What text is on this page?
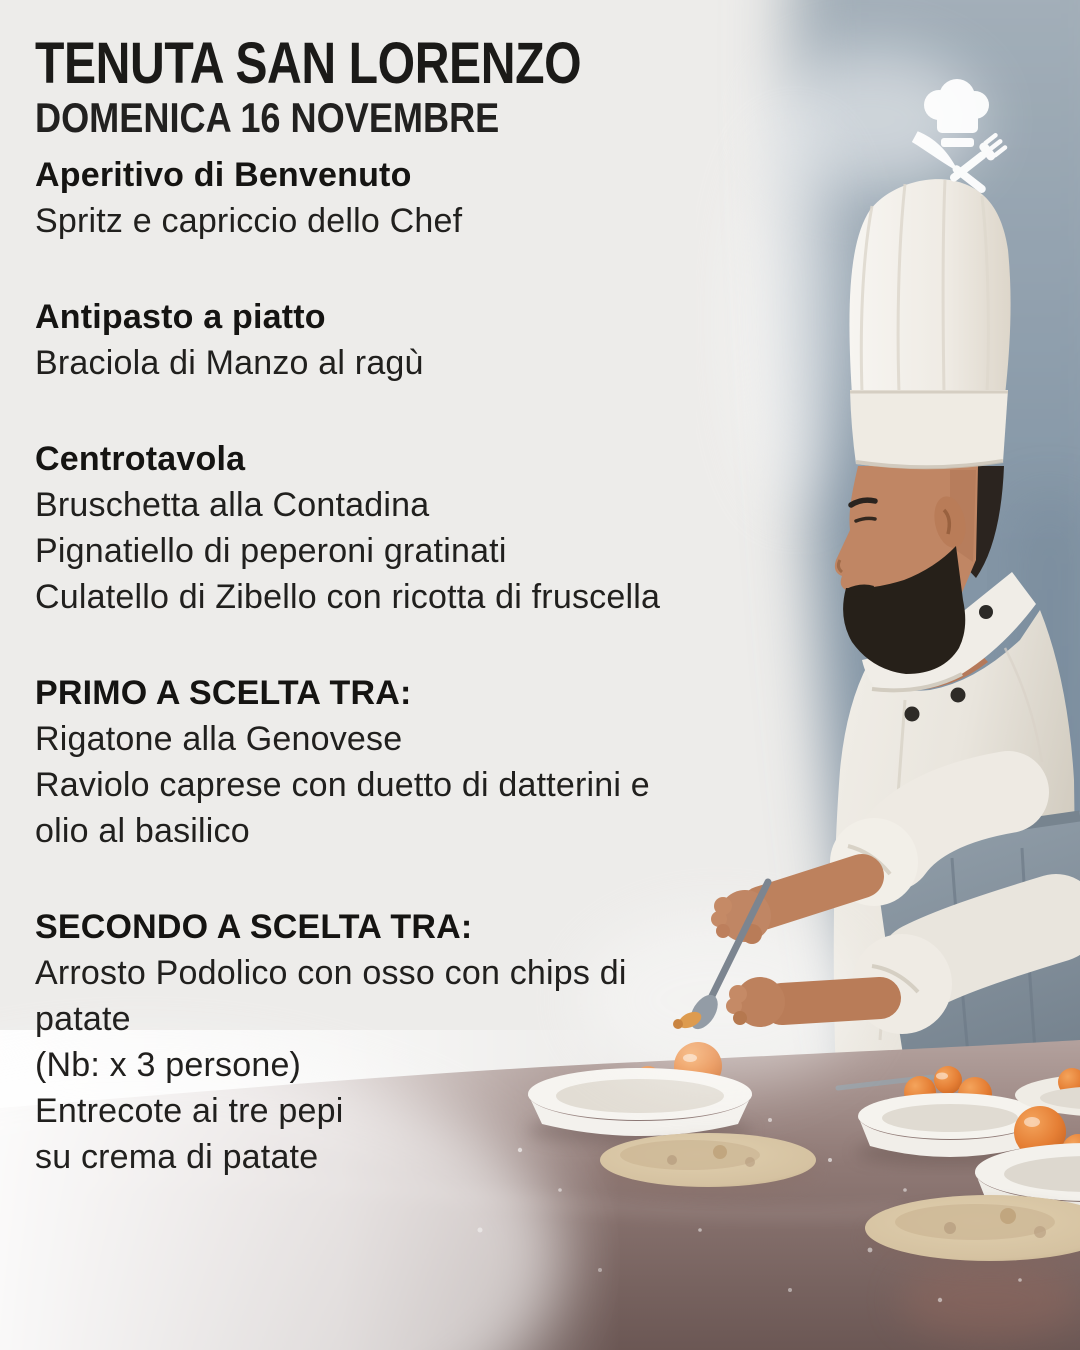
TENUTA SAN LORENZO
DOMENICA 16 NOVEMBRE
Aperitivo di Benvenuto

Spritz e capriccio dello Chef

Antipasto a piatto

Braciola di Manzo al ragù

Centrotavola

Bruschetta alla Contadina

Pignatiello di peperoni gratinati

Culatello di Zibello con ricotta di fruscella

PRIMO A SCELTA TRA:

Rigatone alla Genovese

Raviolo caprese con duetto di datterini e

olio al basilico

SECONDO A SCELTA TRA:

Arrosto Podolico con osso con chips di

patate

(Nb: x 3 persone)

Entrecote ai tre pepi

su crema di patate
